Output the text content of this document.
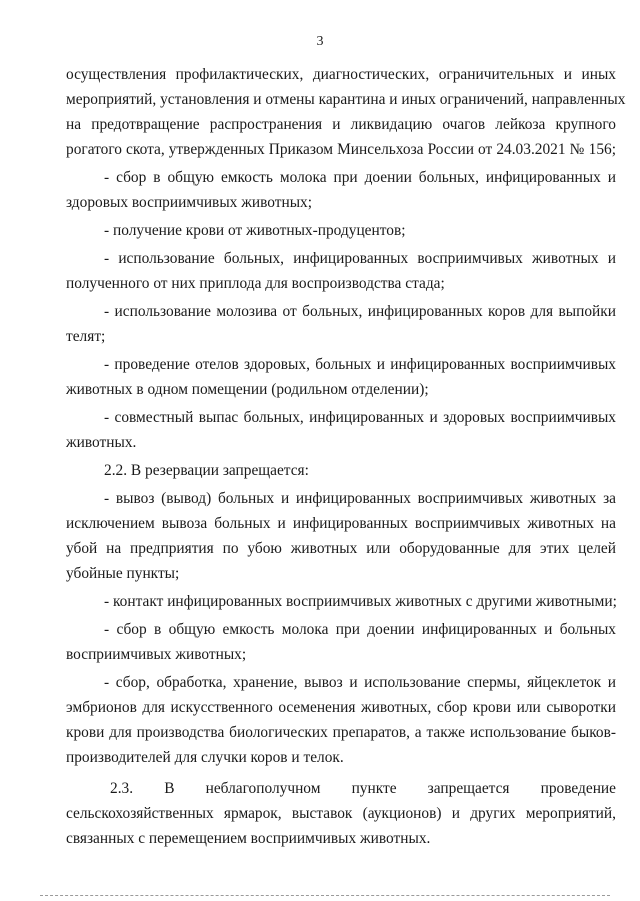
3
осуществления профилактических, диагностических, ограничительных и иных
мероприятий, установления и отмены карантина и иных ограничений, направленных
на предотвращение распространения и ликвидацию очагов лейкоза крупного
рогатого скота, утвержденных Приказом Минсельхоза России от 24.03.2021 № 156;
- сбор в общую емкость молока при доении больных, инфицированных и
здоровых восприимчивых животных;
- получение крови от животных-продуцентов;
- использование больных, инфицированных восприимчивых животных и
полученного от них приплода для воспроизводства стада;
- использование молозива от больных, инфицированных коров для выпойки
телят;
- проведение отелов здоровых, больных и инфицированных восприимчивых
животных в одном помещении (родильном отделении);
- совместный выпас больных, инфицированных и здоровых восприимчивых
животных.
2.2. В резервации запрещается:
- вывоз (вывод) больных и инфицированных восприимчивых животных за
исключением вывоза больных и инфицированных восприимчивых животных на
убой на предприятия по убою животных или оборудованные для этих целей
убойные пункты;
- контакт инфицированных восприимчивых животных с другими животными;
- сбор в общую емкость молока при доении инфицированных и больных
восприимчивых животных;
- сбор, обработка, хранение, вывоз и использование спермы, яйцеклеток и
эмбрионов для искусственного осеменения животных, сбор крови или сыворотки
крови для производства биологических препаратов, а также использование быков-
производителей для случки коров и телок.
2.3. В неблагополучном пункте запрещается проведение
сельскохозяйственных ярмарок, выставок (аукционов) и других мероприятий,
связанных с перемещением восприимчивых животных.
